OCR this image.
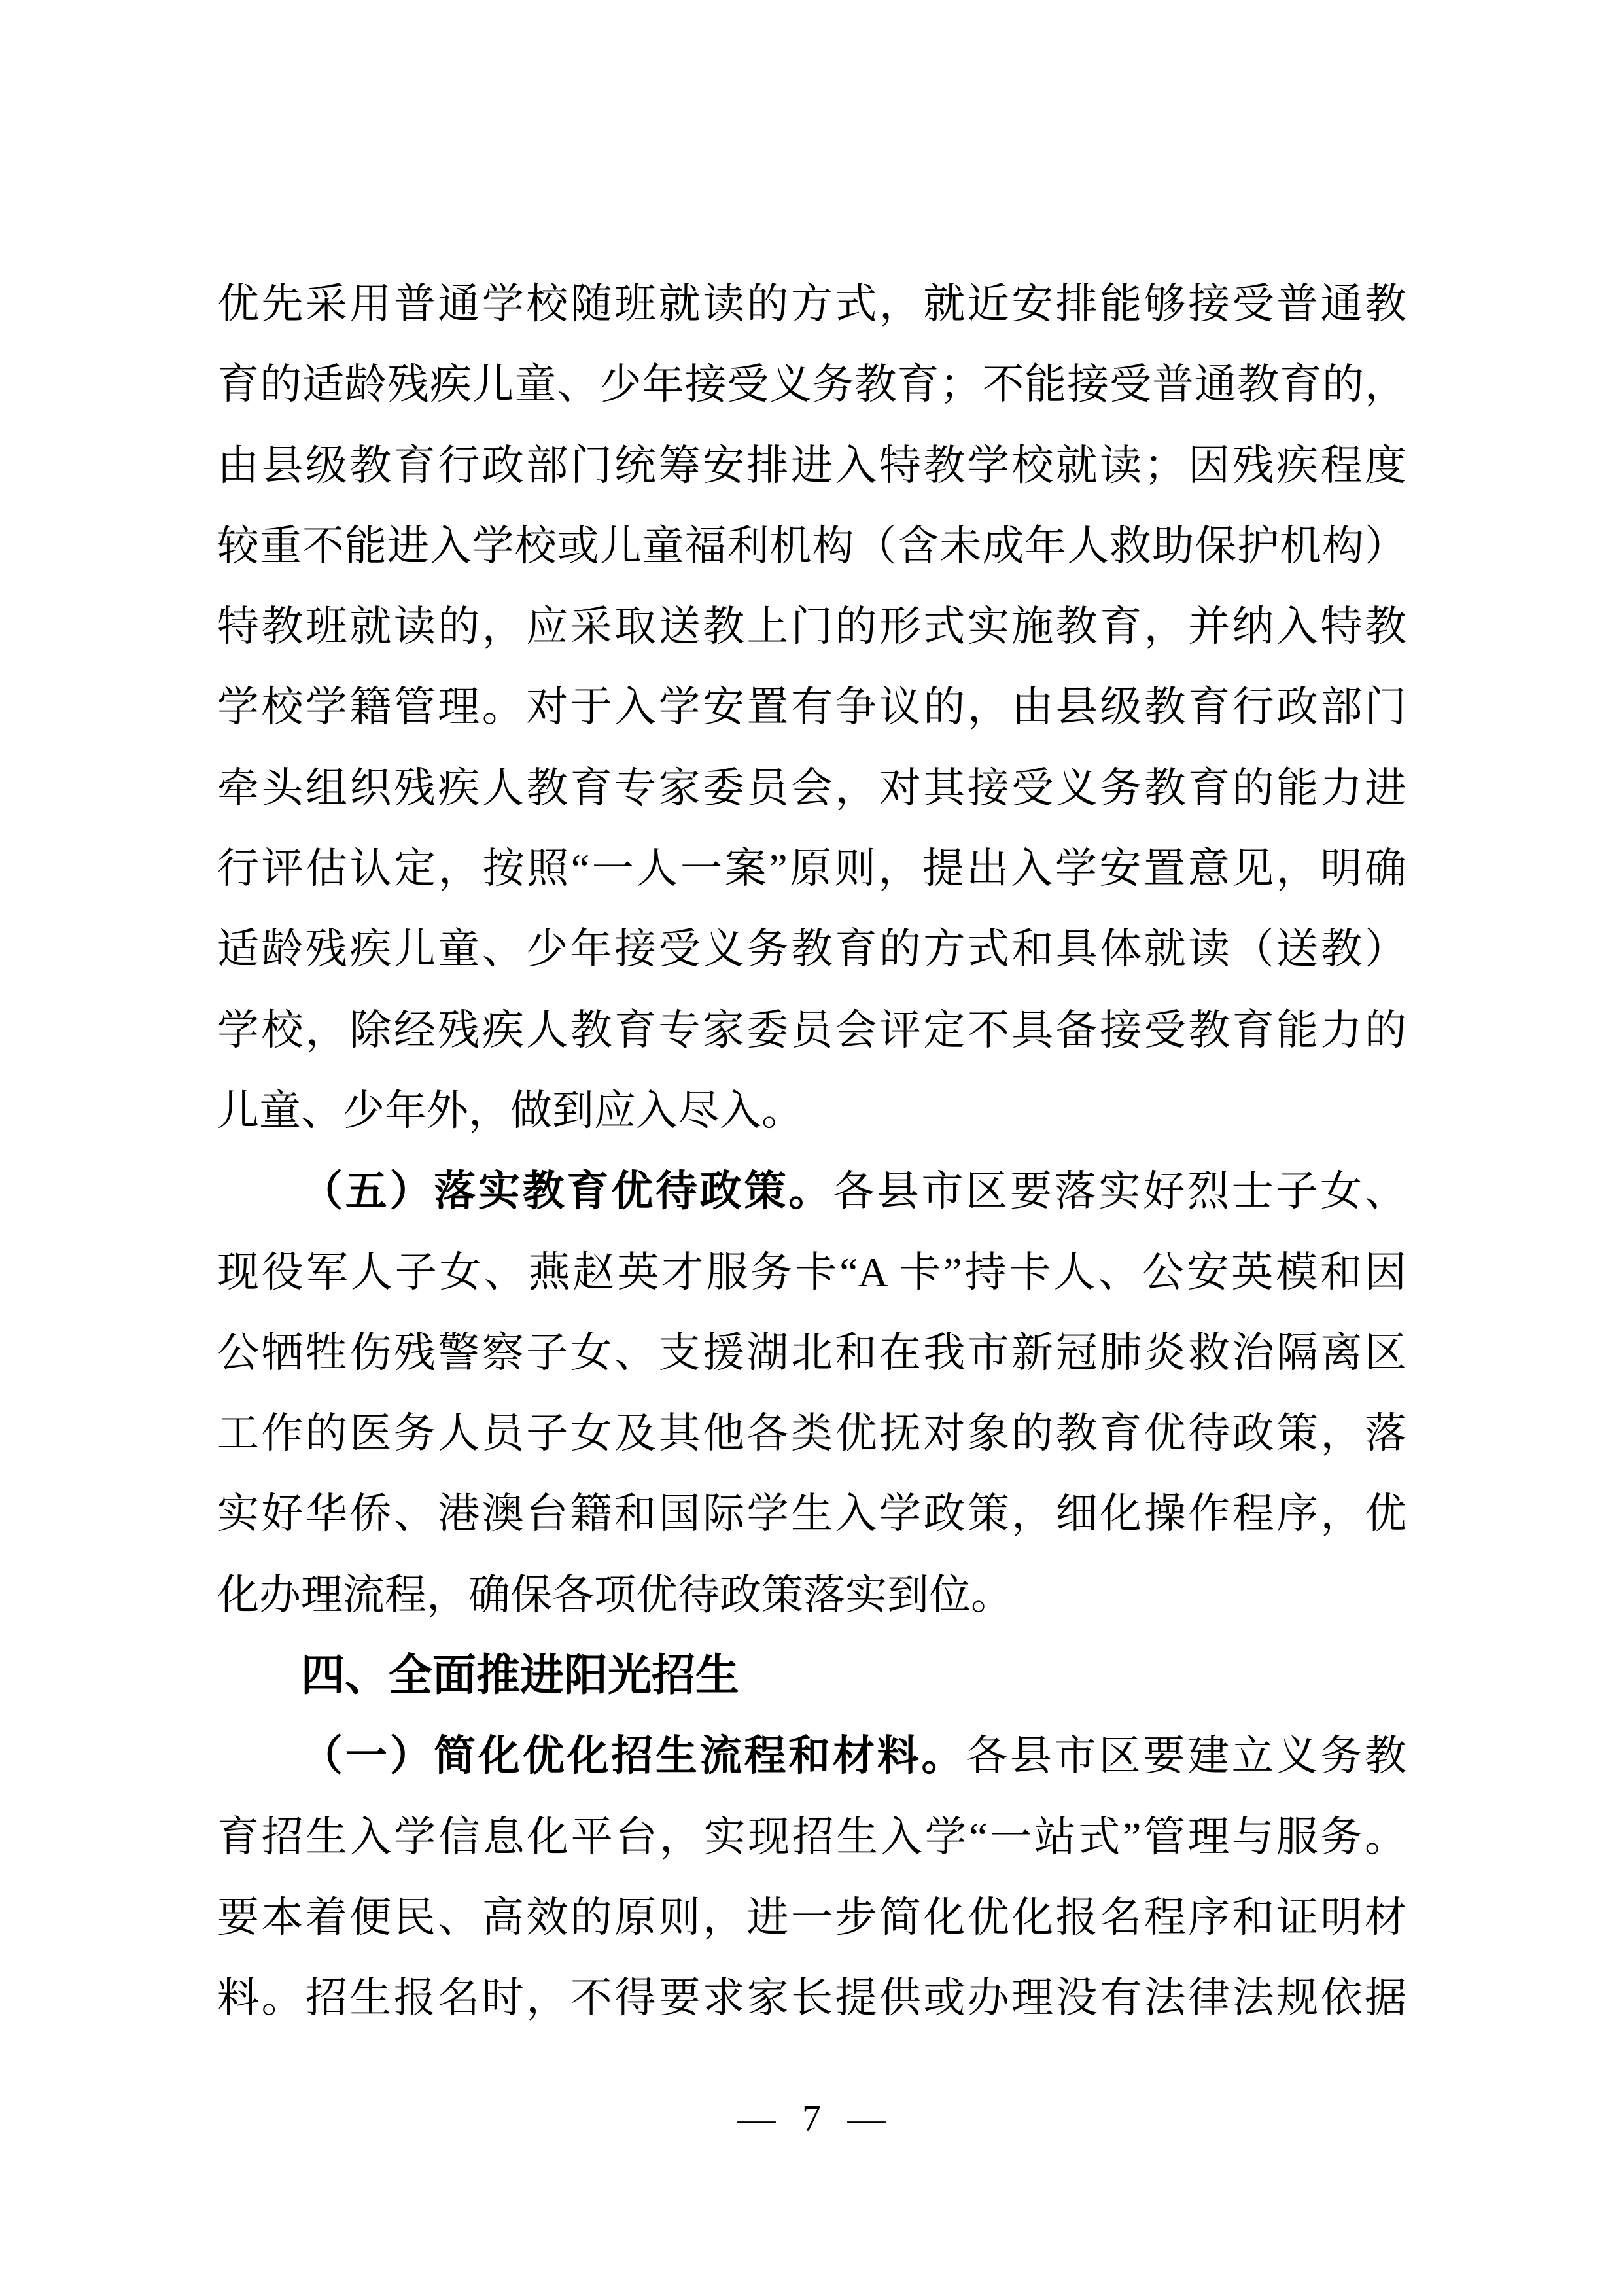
优先采用普通学校随班就读的方式，就近安排能够接受普通教
育的适龄残疾儿童、少年接受义务教育；不能接受普通教育的，
由县级教育行政部门统筹安排进入特教学校就读；因残疾程度
较重不能进入学校或儿童福利机构（含未成年人救助保护机构）
特教班就读的，应采取送教上门的形式实施教育，并纳入特教
学校学籍管理。对于入学安置有争议的，由县级教育行政部门
牵头组织残疾人教育专家委员会，对其接受义务教育的能力进
行评估认定，按照“一人一案”原则，提出入学安置意见，明确
适龄残疾儿童、少年接受义务教育的方式和具体就读（送教）
学校，除经残疾人教育专家委员会评定不具备接受教育能力的
儿童、少年外，做到应入尽入。
（五）落实教育优待政策。各县市区要落实好烈士子女、
现役军人子女、燕赵英才服务卡“A 卡”持卡人、公安英模和因
公牺牲伤残警察子女、支援湖北和在我市新冠肺炎救治隔离区
工作的医务人员子女及其他各类优抚对象的教育优待政策，落
实好华侨、港澳台籍和国际学生入学政策，细化操作程序，优
化办理流程，确保各项优待政策落实到位。
四、全面推进阳光招生
（一）简化优化招生流程和材料。各县市区要建立义务教
育招生入学信息化平台，实现招生入学“一站式”管理与服务。
要本着便民、高效的原则，进一步简化优化报名程序和证明材
料。招生报名时，不得要求家长提供或办理没有法律法规依据
— 7 —
